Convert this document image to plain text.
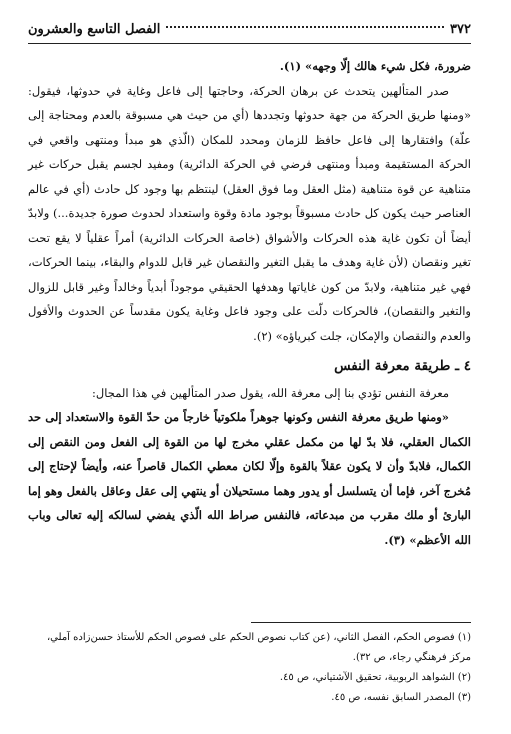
٣٧٢
الفصل التاسع والعشرون

ضرورة، فكل شيء هالك إلّا وجهه» (١).

صدر المتألهين يتحدث عن برهان الحركة، وحاجتها إلى فاعل وغاية في حدوثها، فيقول: «ومنها طريق الحركة من جهة حدوثها وتجددها (أي من حيث هي مسبوقة بالعدم ومحتاجة إلى علّة) وافتقارها إلى فاعل حافظ للزمان ومحدد للمكان (الّذي هو مبدأ ومنتهى واقعي في الحركة المستقيمة ومبدأ ومنتهى فرضي في الحركة الدائرية) ومفيد لجسم يقبل حركات غير متناهية عن قوة متناهية (مثل العقل وما فوق العقل) لينتظم بها وجود كل حادث (أي في عالم العناصر حيث يكون كل حادث مسبوقاً بوجود مادة وقوة واستعداد لحدوث صورة جديدة...) ولابدّ أيضاً أن تكون غاية هذه الحركات والأشواق (خاصة الحركات الدائرية) أمراً عقلياً لا يقع تحت تغير ونقصان (لأن غاية وهدف ما يقبل التغير والنقصان غير قابل للدوام والبقاء، بينما الحركات، فهي غير متناهية، ولابدّ من كون غاياتها وهدفها الحقيقي موجوداً أبدياً وخالداً وغير قابل للزوال والتغير والنقصان)، فالحركات دلّت على وجود فاعل وغاية يكون مقدساً عن الحدوث والأفول والعدم والنقصان والإمكان، جلت كبرياؤه» (٢).

٤ ـ طريقة معرفة النفس

معرفة النفس تؤدي بنا إلى معرفة الله، يقول صدر المتألهين في هذا المجال:

«ومنها طريق معرفة النفس وكونها جوهراً ملكوتياً خارجاً من حدّ القوة والاستعداد إلى حد الكمال العقلي، فلا بدّ لها من مكمل عقلي مخرج لها من القوة إلى الفعل ومن النقص إلى الكمال، فلابدّ وأن لا يكون عقلاً بالقوة وإلّا لكان معطي الكمال قاصراً عنه، وأيضاً لإحتاج إلى مُخرج آخر، فإما أن يتسلسل أو يدور وهما مستحيلان أو ينتهي إلى عقل وعاقل بالفعل وهو إما البارئ أو ملك مقرب من مبدعاته، فالنفس صراط الله الّذي يفضي لسالكه إليه تعالى وباب الله الأعظم» (٣).

(١) فصوص الحكم، الفصل الثاني، (عن كتاب نصوص الحكم على فصوص الحكم للأستاذ حسن‌زاده آملي، مركز فرهنگي رجاء، ص ٣٢).

(٢) الشواهد الربوبية، تحقيق الآشتياني، ص ٤٥.

(٣) المصدر السابق نفسه، ص ٤٥.
